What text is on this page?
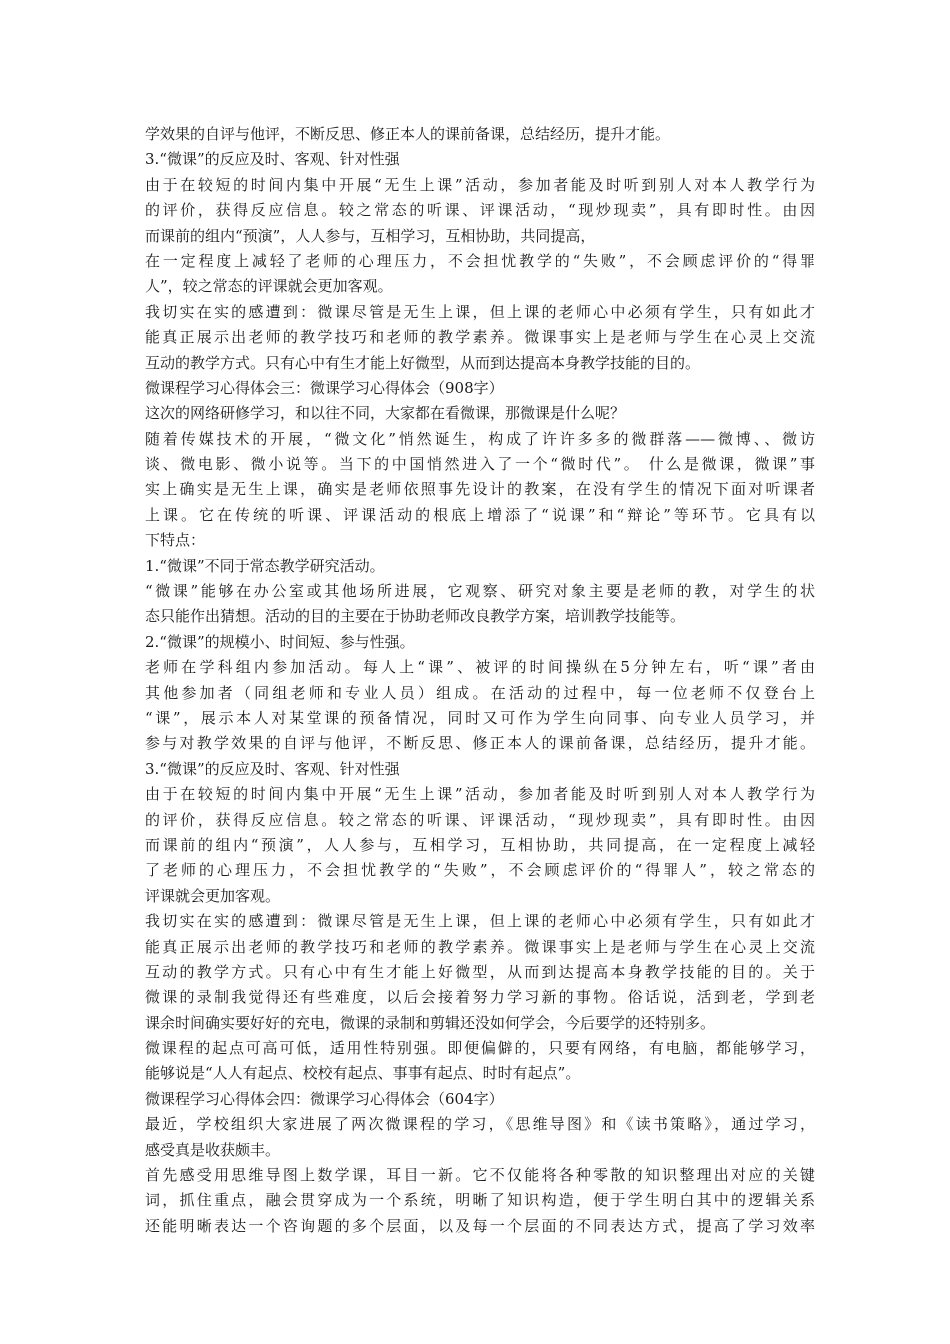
学效果的自评与他评，不断反思、修正本人的课前备课，总结经历，提升才能。
3.“微课”的反应及时、客观、针对性强
由于在较短的时间内集中开展“无生上课”活动，参加者能及时听到别人对本人教学行为
的评价，获得反应信息。较之常态的听课、评课活动，“现炒现卖”，具有即时性。由因
而课前的组内“预演”，人人参与，互相学习，互相协助，共同提高，
在一定程度上减轻了老师的心理压力，不会担忧教学的“失败”，不会顾虑评价的“得罪
人”，较之常态的评课就会更加客观。
我切实在实的感遭到：微课尽管是无生上课，但上课的老师心中必须有学生，只有如此才
能真正展示出老师的教学技巧和老师的教学素养。微课事实上是老师与学生在心灵上交流
互动的教学方式。只有心中有生才能上好微型，从而到达提高本身教学技能的目的。
微课程学习心得体会三：微课学习心得体会（908字）
这次的网络研修学习，和以往不同，大家都在看微课，那微课是什么呢？
随着传媒技术的开展，“微文化”悄然诞生，构成了许许多多的微群落——微博、、微访
谈、微电影、微小说等。当下的中国悄然进入了一个“微时代”。 什么是微课，微课”事
实上确实是无生上课，确实是老师依照事先设计的教案，在没有学生的情况下面对听课者
上课。它在传统的听课、评课活动的根底上增添了“说课”和“辩论”等环节。它具有以
下特点：
1.“微课”不同于常态教学研究活动。
“微课”能够在办公室或其他场所进展，它观察、研究对象主要是老师的教，对学生的状
态只能作出猜想。活动的目的主要在于协助老师改良教学方案，培训教学技能等。
2.“微课”的规模小、时间短、参与性强。
老师在学科组内参加活动。每人上“课”、被评的时间操纵在5分钟左右，听“课”者由
其他参加者（同组老师和专业人员）组成。在活动的过程中，每一位老师不仅登台上
“课”，展示本人对某堂课的预备情况，同时又可作为学生向同事、向专业人员学习，并
参与对教学效果的自评与他评，不断反思、修正本人的课前备课，总结经历，提升才能。
3.“微课”的反应及时、客观、针对性强
由于在较短的时间内集中开展“无生上课”活动，参加者能及时听到别人对本人教学行为
的评价，获得反应信息。较之常态的听课、评课活动，“现炒现卖”，具有即时性。由因
而课前的组内“预演”，人人参与，互相学习，互相协助，共同提高，在一定程度上减轻
了老师的心理压力，不会担忧教学的“失败”，不会顾虑评价的“得罪人”，较之常态的
评课就会更加客观。
我切实在实的感遭到：微课尽管是无生上课，但上课的老师心中必须有学生，只有如此才
能真正展示出老师的教学技巧和老师的教学素养。微课事实上是老师与学生在心灵上交流
互动的教学方式。只有心中有生才能上好微型，从而到达提高本身教学技能的目的。关于
微课的录制我觉得还有些难度，以后会接着努力学习新的事物。俗话说，活到老，学到老
课余时间确实要好好的充电，微课的录制和剪辑还没如何学会，今后要学的还特别多。
微课程的起点可高可低，适用性特别强。即便偏僻的，只要有网络，有电脑，都能够学习，
能够说是“人人有起点、校校有起点、事事有起点、时时有起点”。
微课程学习心得体会四：微课学习心得体会（604字）
最近，学校组织大家进展了两次微课程的学习，《思维导图》和《读书策略》，通过学习，
感受真是收获颇丰。
首先感受用思维导图上数学课，耳目一新。它不仅能将各种零散的知识整理出对应的关键
词，抓住重点，融会贯穿成为一个系统，明晰了知识构造，便于学生明白其中的逻辑关系
还能明晰表达一个咨询题的多个层面，以及每一个层面的不同表达方式，提高了学习效率
